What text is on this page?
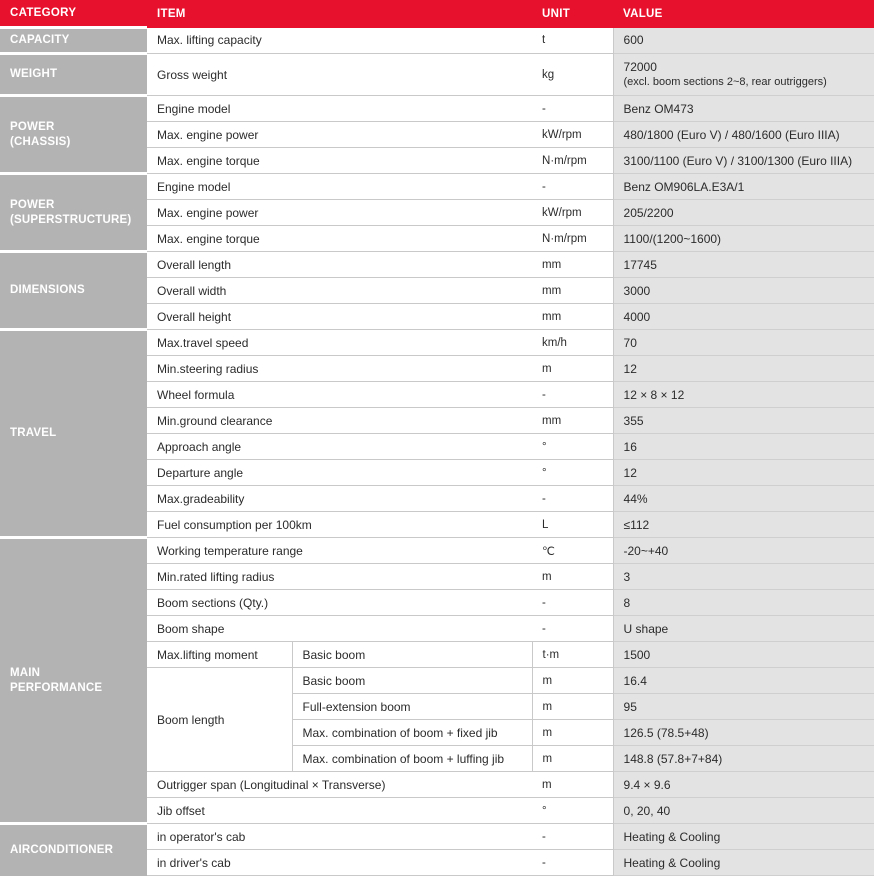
CATEGORY	ITEM		UNIT	VALUE
CAPACITY	Max. lifting capacity		t	600
WEIGHT	Gross weight		kg	72000
(excl. boom sections 2~8, rear outriggers)

POWER
(CHASSIS)	Engine model		-	Benz OM473
	Max. engine power		kW/rpm	480/1800 (Euro V) / 480/1600 (Euro IIIA)
	Max. engine torque		N·m/rpm	3100/1100 (Euro V) / 3100/1300 (Euro IIIA)

POWER
(SUPERSTRUCTURE)	Engine model		-	Benz OM906LA.E3A/1
	Max. engine power		kW/rpm	205/2200
	Max. engine torque		N·m/rpm	1100/(1200~1600)
DIMENSIONS	Overall length		mm	17745
	Overall width		mm	3000
	Overall height		mm	4000
TRAVEL	Max.travel speed		km/h	70
	Min.steering radius		m	12
	Wheel formula		-	12 × 8 × 12
	Min.ground clearance		mm	355
	Approach angle		°	16
	Departure angle		°	12
	Max.gradeability		-	44%
	Fuel consumption per 100km		L	≤112

MAIN
PERFORMANCE	Working temperature range		℃	-20~+40
	Min.rated lifting radius		m	3
	Boom sections (Qty.)		-	8
	Boom shape		-	U shape
	Max.lifting moment	Basic boom	t·m	1500
	Boom length	Basic boom	m	16.4
		Full-extension boom	m	95
		Max. combination of boom + fixed jib	m	126.5 (78.5+48)
		Max. combination of boom + luffing jib	m	148.8 (57.8+7+84)
	Outrigger span (Longitudinal × Transverse)		m	9.4 × 9.6
	Jib offset		°	0, 20, 40
AIRCONDITIONER	in operator's cab		-	Heating & Cooling
	in driver's cab		-	Heating & Cooling
